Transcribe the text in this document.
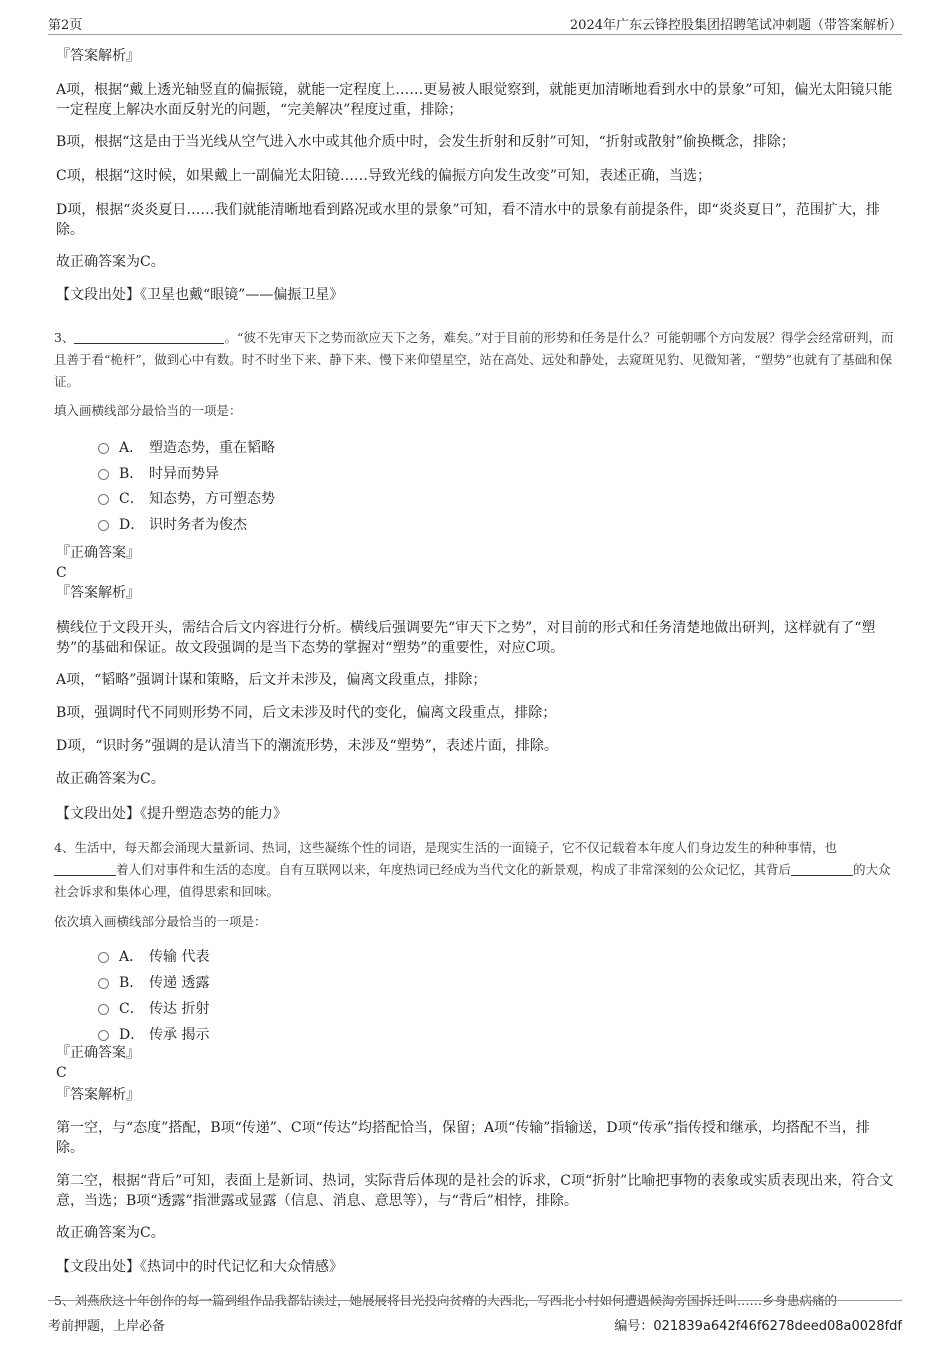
第2页	2024年广东云锋控股集团招聘笔试冲刺题（带答案解析）
『答案解析』
A项，根据“戴上透光轴竖直的偏振镜，就能一定程度上……更易被人眼觉察到，就能更加清晰地看到水中的景象”可知，偏光太阳镜只能一定程度上解决水面反射光的问题，“完美解决”程度过重，排除；
B项，根据“这是由于当光线从空气进入水中或其他介质中时，会发生折射和反射”可知，“折射或散射”偷换概念，排除；
C项，根据“这时候，如果戴上一副偏光太阳镜……导致光线的偏振方向发生改变”可知，表述正确，当选；
D项，根据“炎炎夏日……我们就能清晰地看到路况或水里的景象”可知，看不清水中的景象有前提条件，即“炎炎夏日”，范围扩大，排除。
故正确答案为C。
【文段出处】《卫星也戴“眼镜”——偏振卫星》
3、	。“彼不先审天下之势而欲应天下之务，难矣。”对于目前的形势和任务是什么？可能朝哪个方向发展？得学会经常研判，而且善于看“桅杆”，做到心中有数。时不时坐下来、静下来、慢下来仰望星空，站在高处、远处和静处，去窥斑见豹、见微知著，“塑势”也就有了基础和保证。
填入画横线部分最恰当的一项是：
A． 塑造态势，重在韬略
B． 时异而势异
C． 知态势，方可塑态势
D． 识时务者为俊杰
『正确答案』
C
『答案解析』
横线位于文段开头，需结合后文内容进行分析。横线后强调要先“审天下之势”，对目前的形式和任务清楚地做出研判，这样就有了“塑势”的基础和保证。故文段强调的是当下态势的掌握对“塑势”的重要性，对应C项。
A项，“韬略”强调计谋和策略，后文并未涉及，偏离文段重点，排除；
B项，强调时代不同则形势不同，后文未涉及时代的变化，偏离文段重点，排除；
D项，“识时务”强调的是认清当下的潮流形势，未涉及“塑势”，表述片面，排除。
故正确答案为C。
【文段出处】《提升塑造态势的能力》
4、生活中，每天都会涌现大量新词、热词，这些凝练个性的词语，是现实生活的一面镜子，它不仅记载着本年度人们身边发生的种种事情，也着人们对事件和生活的态度。自有互联网以来，年度热词已经成为当代文化的新景观，构成了非常深刻的公众记忆，其背后	的大众社会诉求和集体心理，值得思索和回味。
依次填入画横线部分最恰当的一项是：
A． 传输 代表
B． 传递 透露
C． 传达 折射
D． 传承 揭示
『正确答案』
C
『答案解析』
第一空，与“态度”搭配，B项“传递”、C项“传达”均搭配恰当，保留；A项“传输”指输送，D项“传承”指传授和继承，均搭配不当，排除。
第二空，根据“背后”可知，表面上是新词、热词，实际背后体现的是社会的诉求，C项“折射”比喻把事物的表象或实质表现出来，符合文意，当选；B项“透露”指泄露或显露（信息、消息、意思等），与“背后”相悖，排除。
故正确答案为C。
【文段出处】《热词中的时代记忆和大众情感》
5、刘燕欣这十年创作的每一篇到组作品我都钻读过，她展展将目光投向贫瘠的大西北，写西北小村如何遭遇候淘旁国拆迁叫……乡身患病痛的
考前押题，上岸必备	编号：021839a642f46f6278deed08a0028fdf
